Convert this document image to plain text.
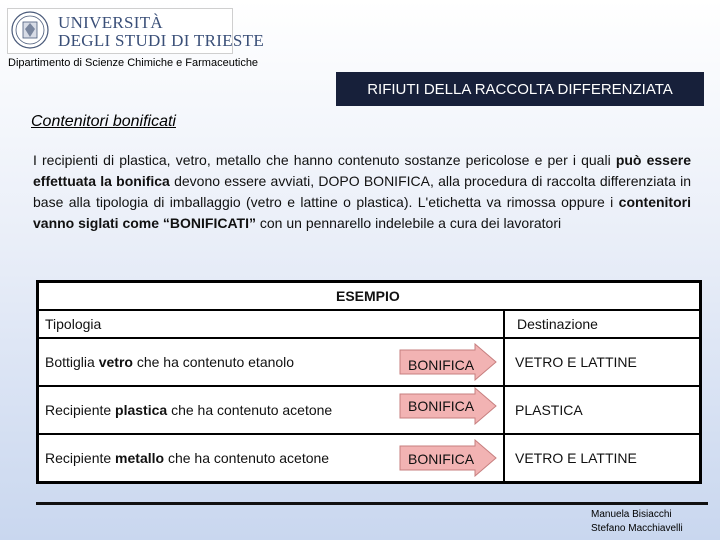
UNIVERSITÀ
DEGLI STUDI DI TRIESTE
Dipartimento di Scienze Chimiche e Farmaceutiche
RIFIUTI DELLA RACCOLTA DIFFERENZIATA
Contenitori bonificati
I recipienti di plastica, vetro, metallo che hanno contenuto sostanze pericolose e per i quali può essere effettuata la bonifica devono essere avviati, DOPO BONIFICA, alla procedura di raccolta differenziata in base alla tipologia di imballaggio (vetro e lattine o plastica). L'etichetta va rimossa oppure i contenitori vanno siglati come “BONIFICATI” con un pennarello indelebile a cura dei lavoratori
ESEMPIO
Tipologia	Destinazione
Bottiglia vetro che ha contenuto etanolo	BONIFICA	VETRO E LATTINE
Recipiente plastica che ha contenuto acetone	BONIFICA	PLASTICA
Recipiente metallo che ha contenuto acetone	BONIFICA	VETRO E LATTINE
Manuela Bisiacchi
Stefano Macchiavelli
